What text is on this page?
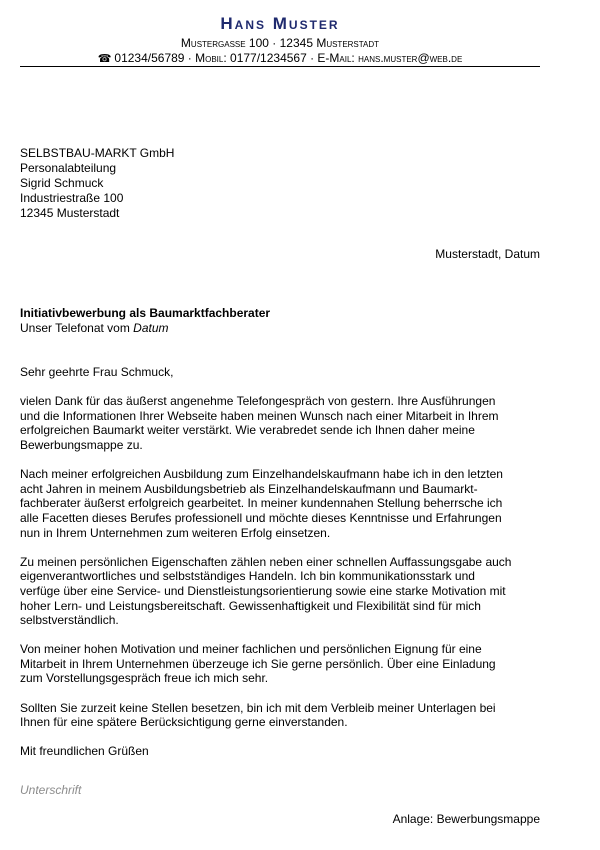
Hans Muster
Mustergasse 100 · 12345 Musterstadt
☎ 01234/56789 · Mobil: 0177/1234567 · E-Mail: hans.muster@web.de
SELBSTBAU-MARKT GmbH
Personalabteilung
Sigrid Schmuck
Industriestraße 100
12345 Musterstadt
Musterstadt, Datum
Initiativbewerbung als Baumarktfachberater
Unser Telefonat vom Datum

Sehr geehrte Frau Schmuck,

vielen Dank für das äußerst angenehme Telefongespräch von gestern. Ihre Ausführungen
und die Informationen Ihrer Webseite haben meinen Wunsch nach einer Mitarbeit in Ihrem
erfolgreichen Baumarkt weiter verstärkt. Wie verabredet sende ich Ihnen daher meine
Bewerbungsmappe zu.

Nach meiner erfolgreichen Ausbildung zum Einzelhandelskaufmann habe ich in den letzten
acht Jahren in meinem Ausbildungsbetrieb als Einzelhandelskaufmann und Baumarkt-
fachberater äußerst erfolgreich gearbeitet. In meiner kundennahen Stellung beherrsche ich
alle Facetten dieses Berufes professionell und möchte dieses Kenntnisse und Erfahrungen
nun in Ihrem Unternehmen zum weiteren Erfolg einsetzen.

Zu meinen persönlichen Eigenschaften zählen neben einer schnellen Auffassungsgabe auch
eigenverantwortliches und selbstständiges Handeln. Ich bin kommunikationsstark und
verfüge über eine Service- und Dienstleistungsorientierung sowie eine starke Motivation mit
hoher Lern- und Leistungsbereitschaft. Gewissenhaftigkeit und Flexibilität sind für mich
selbstverständlich.

Von meiner hohen Motivation und meiner fachlichen und persönlichen Eignung für eine
Mitarbeit in Ihrem Unternehmen überzeuge ich Sie gerne persönlich. Über eine Einladung
zum Vorstellungsgespräch freue ich mich sehr.

Sollten Sie zurzeit keine Stellen besetzen, bin ich mit dem Verbleib meiner Unterlagen bei
Ihnen für eine spätere Berücksichtigung gerne einverstanden.

Mit freundlichen Grüßen

Unterschrift
Anlage: Bewerbungsmappe
